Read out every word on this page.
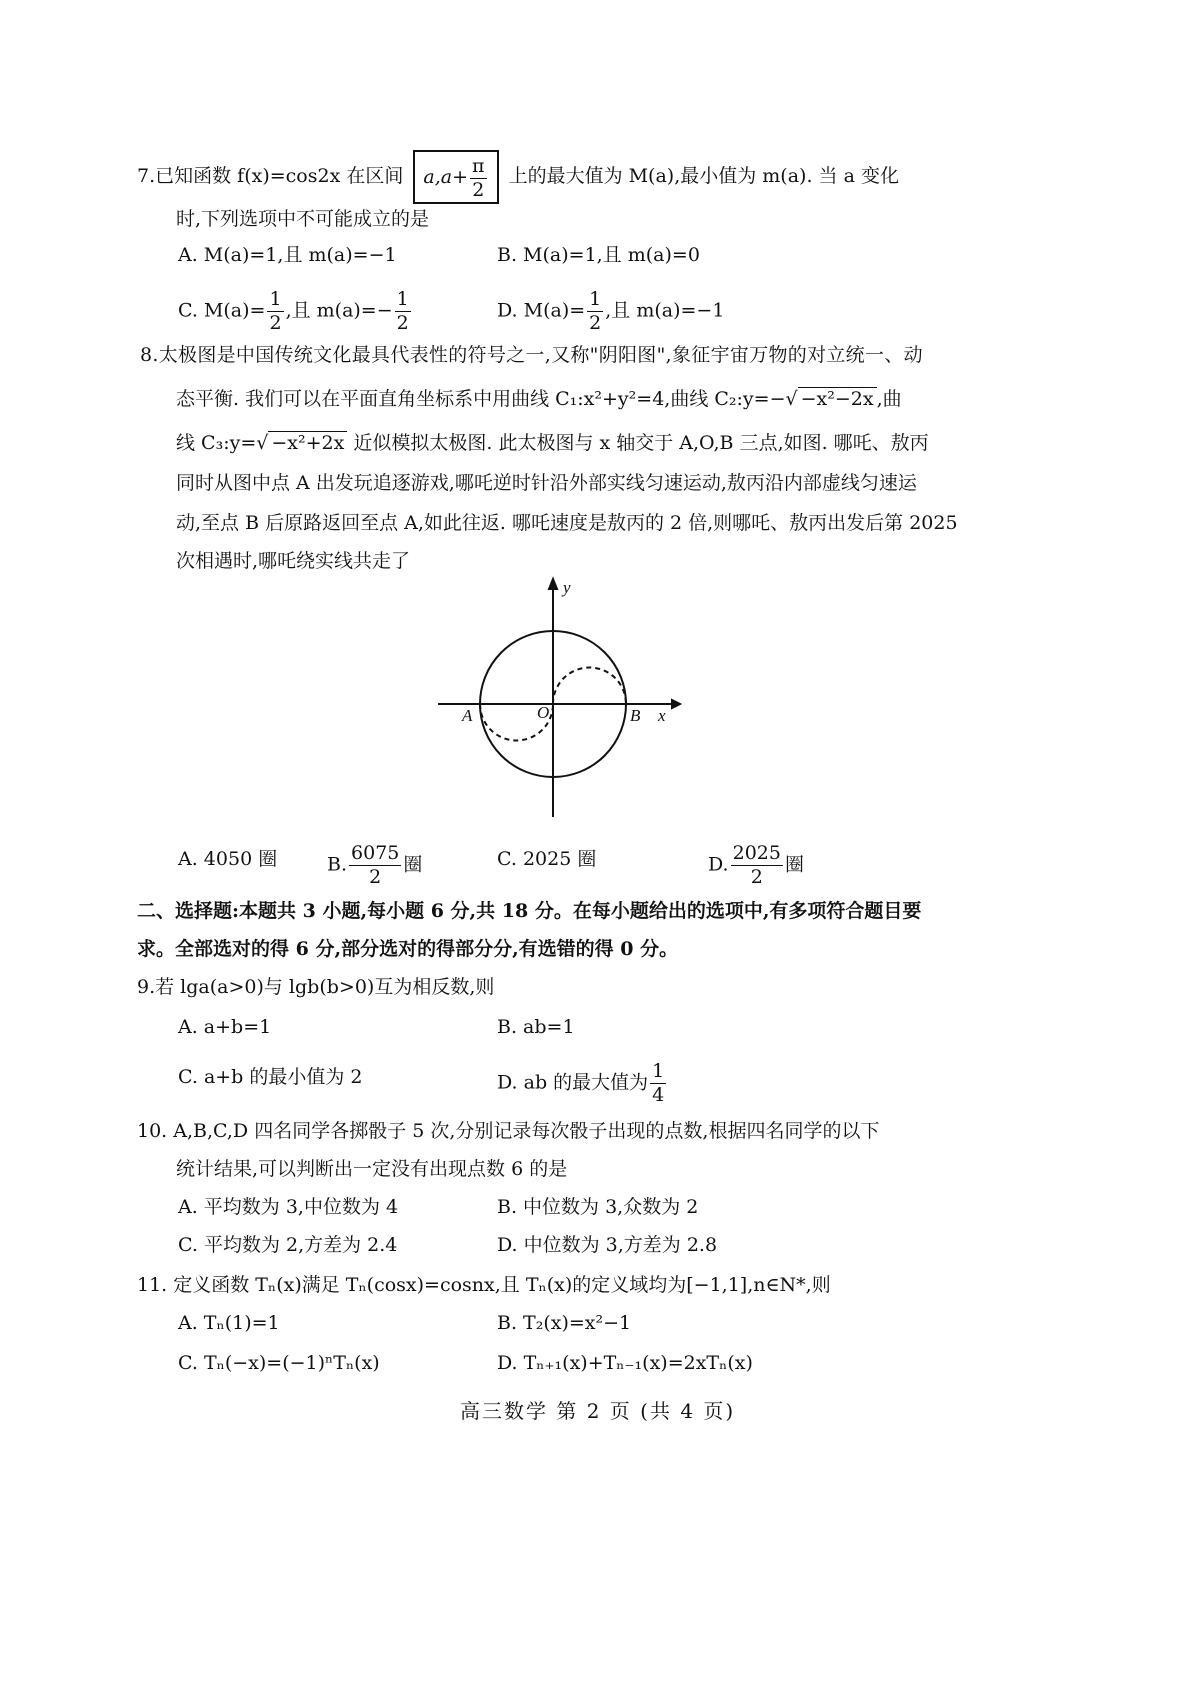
7.已知函数 f(x)=cos2x 在区间 $a,a+ \frac{\pi}{2}$ 上的最大值为 M(a),最小值为 m(a). 当 a 变化
时,下列选项中不可能成立的是
A. M(a)=1,且 m(a)=−1	B. M(a)=1,且 m(a)=0
C. $M(a)= \frac{1}{2}$ ,且 $m(a)=- \frac{1}{2}$	D. $M(a)= \frac{1}{2}$ ,且 m(a)=−1
8.太极图是中国传统文化最具代表性的符号之一,又称"阴阳图",象征宇宙万物的对立统一、动
态平衡. 我们可以在平面直角坐标系中用曲线 C₁:x²+y²=4,曲线 C₂:y=−√ −x²−2x ,曲
线 C₃:y=√ −x²+2x 近似模拟太极图. 此太极图与 x 轴交于 A,O,B 三点,如图. 哪吒、敖丙
同时从图中点 A 出发玩追逐游戏,哪吒逆时针沿外部实线匀速运动,敖丙沿内部虚线匀速运
动,至点 B 后原路返回至点 A,如此往返. 哪吒速度是敖丙的 2 倍,则哪吒、敖丙出发后第 2025
次相遇时,哪吒绕实线共走了
y
x
A	O	B
A. 4050 圈	B. $\frac{6075}{2}$ 圈	C. 2025 圈	D. $\frac{2025}{2}$ 圈
二、选择题:本题共 3 小题,每小题 6 分,共 18 分。在每小题给出的选项中,有多项符合题目要
求。全部选对的得 6 分,部分选对的得部分分,有选错的得 0 分。
9.若 lga(a>0)与 lgb(b>0)互为相反数,则
A. a+b=1	B. ab=1
C. a+b 的最小值为 2	D. ab 的最大值为 $\frac{1}{4}$
10. A,B,C,D 四名同学各掷骰子 5 次,分别记录每次骰子出现的点数,根据四名同学的以下
统计结果,可以判断出一定没有出现点数 6 的是
A. 平均数为 3,中位数为 4	B. 中位数为 3,众数为 2
C. 平均数为 2,方差为 2.4	D. 中位数为 3,方差为 2.8
11. 定义函数 Tₙ(x)满足 Tₙ(cosx)=cosnx,且 Tₙ(x)的定义域均为[−1,1],n∈N*,则
A. Tₙ(1)=1	B. T₂(x)=x²−1
C. Tₙ(−x)=(−1)ⁿTₙ(x)	D. Tₙ₊₁(x)+Tₙ₋₁(x)=2xTₙ(x)
高三数学 第 2 页 (共 4 页)
